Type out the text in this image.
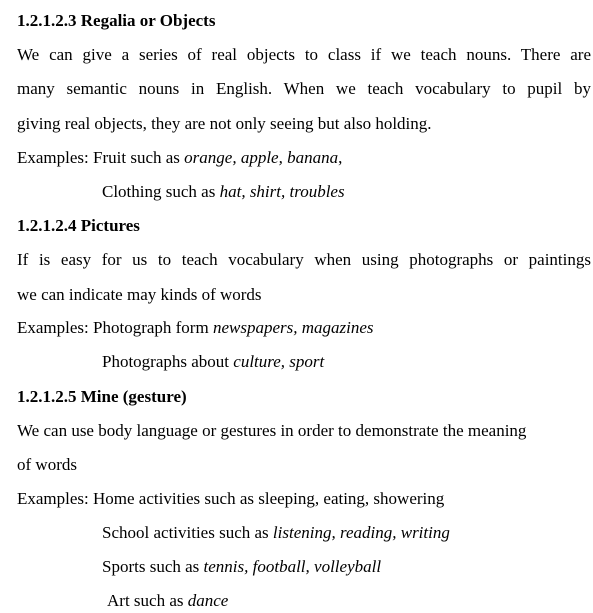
1.2.1.2.3 Regalia or Objects
We can give a series of real objects to class if we teach nouns. There are
many semantic nouns in English. When we teach vocabulary to pupil by
giving real objects, they are not only seeing but also holding.
Examples: Fruit such as orange, apple, banana,
Clothing such as hat, shirt, troubles
1.2.1.2.4 Pictures
If is easy for us to teach vocabulary when using photographs or paintings
we can indicate may kinds of words
Examples: Photograph form newspapers, magazines
Photographs about culture, sport
1.2.1.2.5 Mine (gesture)
We can use body language or gestures in order to demonstrate the meaning
of words
Examples: Home activities such as sleeping, eating, showering
School activities such as listening, reading, writing
Sports such as tennis, football, volleyball
Art such as dance
